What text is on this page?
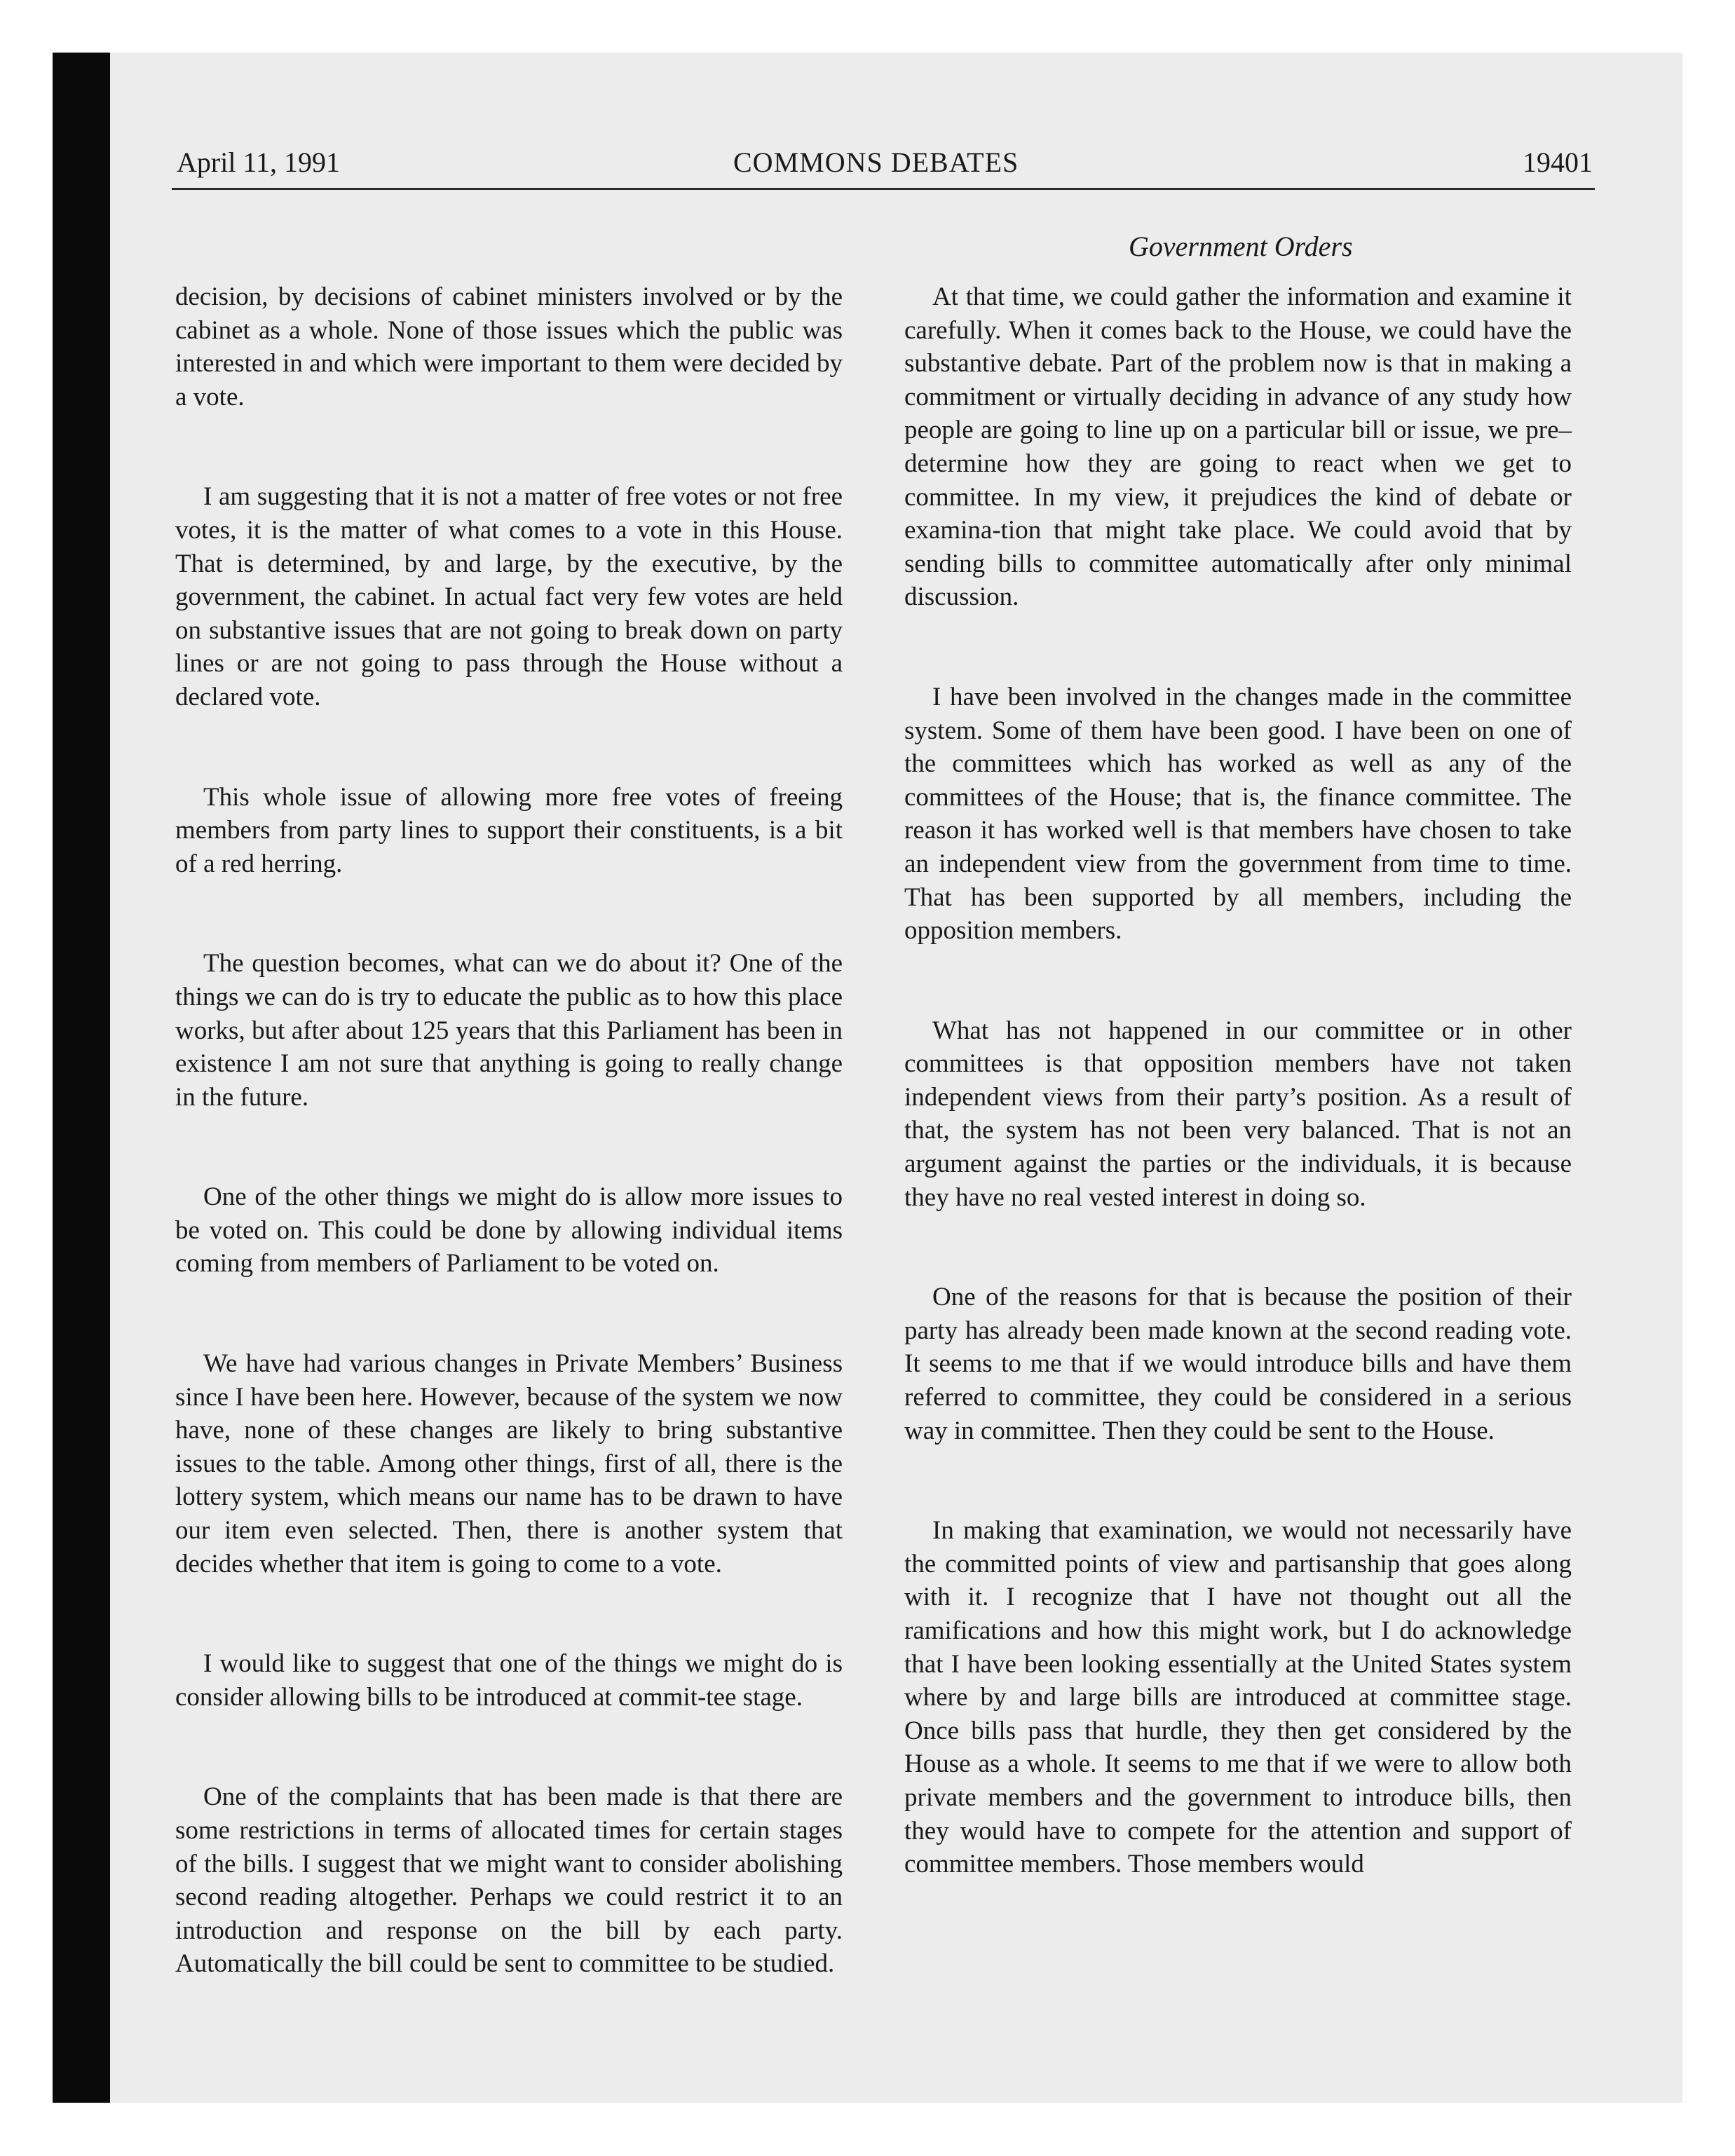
April 11, 1991	COMMONS DEBATES	19401
Government Orders

decision, by decisions of cabinet ministers involved or by the cabinet as a whole. None of those issues which the public was interested in and which were important to them were decided by a vote.

I am suggesting that it is not a matter of free votes or not free votes, it is the matter of what comes to a vote in this House. That is determined, by and large, by the executive, by the government, the cabinet. In actual fact very few votes are held on substantive issues that are not going to break down on party lines or are not going to pass through the House without a declared vote.

This whole issue of allowing more free votes of freeing members from party lines to support their constituents, is a bit of a red herring.

The question becomes, what can we do about it? One of the things we can do is try to educate the public as to how this place works, but after about 125 years that this Parliament has been in existence I am not sure that anything is going to really change in the future.

One of the other things we might do is allow more issues to be voted on. This could be done by allowing individual items coming from members of Parliament to be voted on.

We have had various changes in Private Members’ Business since I have been here. However, because of the system we now have, none of these changes are likely to bring substantive issues to the table. Among other things, first of all, there is the lottery system, which means our name has to be drawn to have our item even selected. Then, there is another system that decides whether that item is going to come to a vote.

I would like to suggest that one of the things we might do is consider allowing bills to be introduced at commit-tee stage.

One of the complaints that has been made is that there are some restrictions in terms of allocated times for certain stages of the bills. I suggest that we might want to consider abolishing second reading altogether. Perhaps we could restrict it to an introduction and response on the bill by each party. Automatically the bill could be sent to committee to be studied.

At that time, we could gather the information and examine it carefully. When it comes back to the House, we could have the substantive debate. Part of the problem now is that in making a commitment or virtually deciding in advance of any study how people are going to line up on a particular bill or issue, we pre–determine how they are going to react when we get to committee. In my view, it prejudices the kind of debate or examina-tion that might take place. We could avoid that by sending bills to committee automatically after only minimal discussion.

I have been involved in the changes made in the committee system. Some of them have been good. I have been on one of the committees which has worked as well as any of the committees of the House; that is, the finance committee. The reason it has worked well is that members have chosen to take an independent view from the government from time to time. That has been supported by all members, including the opposition members.

What has not happened in our committee or in other committees is that opposition members have not taken independent views from their party’s position. As a result of that, the system has not been very balanced. That is not an argument against the parties or the individuals, it is because they have no real vested interest in doing so.

One of the reasons for that is because the position of their party has already been made known at the second reading vote. It seems to me that if we would introduce bills and have them referred to committee, they could be considered in a serious way in committee. Then they could be sent to the House.

In making that examination, we would not necessarily have the committed points of view and partisanship that goes along with it. I recognize that I have not thought out all the ramifications and how this might work, but I do acknowledge that I have been looking essentially at the United States system where by and large bills are introduced at committee stage. Once bills pass that hurdle, they then get considered by the House as a whole. It seems to me that if we were to allow both private members and the government to introduce bills, then they would have to compete for the attention and support of committee members. Those members would
